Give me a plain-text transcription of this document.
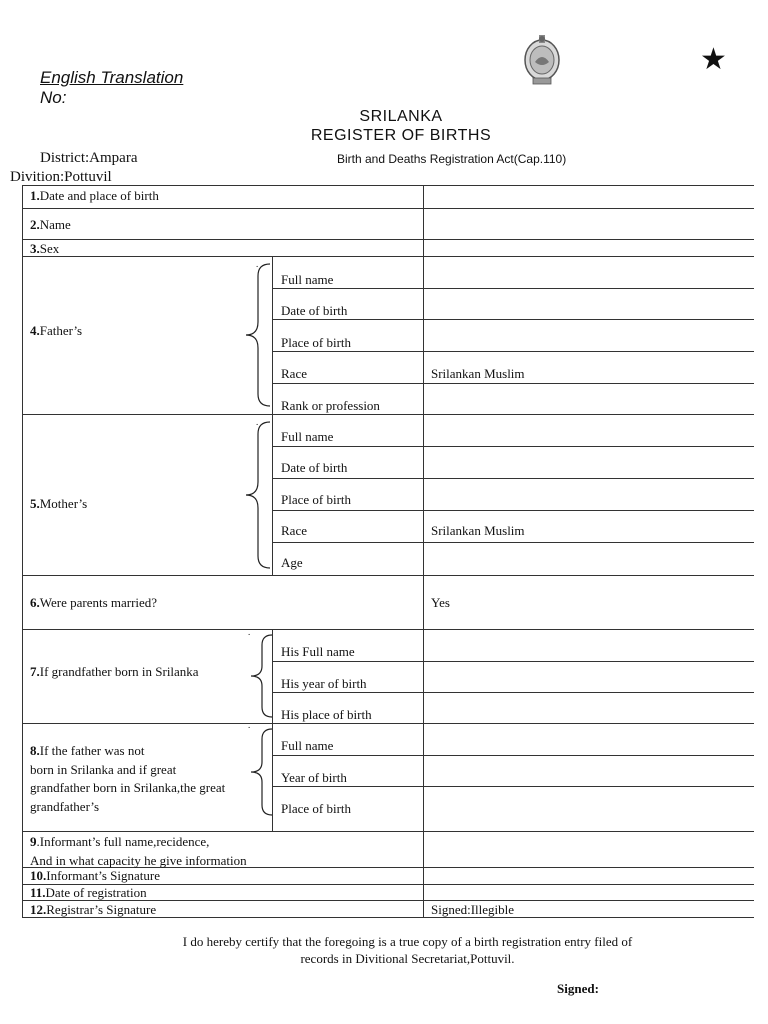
★
English Translation
No:
SRILANKA
REGISTER OF BIRTHS
District:Ampara
Divition:Pottuvil
Birth and Deaths Registration Act(Cap.110)
.
.
.
.
1.Date and place of birth
2.Name
3.Sex
4.Father’s
Full name
Date of birth
Place of birth
Race
Rank or profession
Srilankan Muslim
5.Mother’s
Full name
Date of birth
Place of birth
Race
Age
Srilankan Muslim
6.Were parents married?	Yes
7.If grandfather born in Srilanka
His Full name
His year of birth
His place of birth
8.If the father was not
born in Srilanka and if great
grandfather born in Srilanka,the great
grandfather’s
Full name
Year of birth
Place of birth
9.Informant’s full name,recidence,
And in what capacity he give information
10.Informant’s Signature
11.Date of registration
12.Registrar’s Signature	Signed:Illegible
I do hereby certify that the foregoing is a true copy of a birth registration entry filed of
records in Divitional Secretariat,Pottuvil.
Signed:
